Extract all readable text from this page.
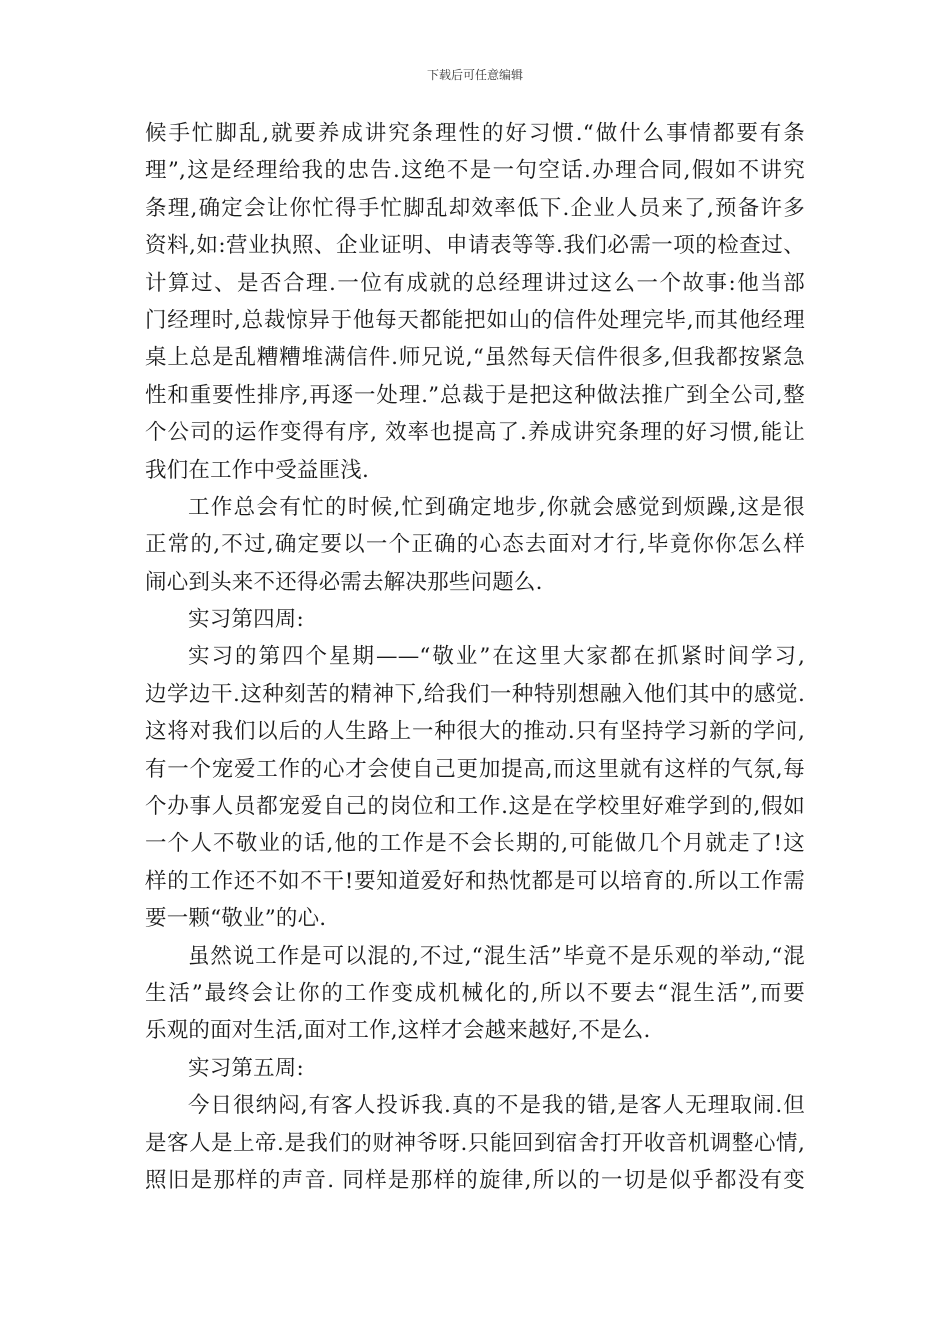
下载后可任意编辑
候手忙脚乱,就要养成讲究条理性的好习惯.“做什么事情都要有条
理”,这是经理给我的忠告.这绝不是一句空话.办理合同,假如不讲究
条理,确定会让你忙得手忙脚乱却效率低下.企业人员来了,预备许多
资料,如:营业执照、企业证明、申请表等等.我们必需一项的检查过、
计算过、是否合理.一位有成就的总经理讲过这么一个故事:他当部
门经理时,总裁惊异于他每天都能把如山的信件处理完毕,而其他经理
桌上总是乱糟糟堆满信件.师兄说,“虽然每天信件很多,但我都按紧急
性和重要性排序,再逐一处理.”总裁于是把这种做法推广到全公司,整
个公司的运作变得有序, 效率也提高了.养成讲究条理的好习惯,能让
我们在工作中受益匪浅.
工作总会有忙的时候,忙到确定地步,你就会感觉到烦躁,这是很
正常的,不过,确定要以一个正确的心态去面对才行,毕竟你你怎么样
闹心到头来不还得必需去解决那些问题么.
实习第四周:
实习的第四个星期——“敬业”在这里大家都在抓紧时间学习,
边学边干.这种刻苦的精神下,给我们一种特别想融入他们其中的感觉.
这将对我们以后的人生路上一种很大的推动.只有坚持学习新的学问,
有一个宠爱工作的心才会使自己更加提高,而这里就有这样的气氛,每
个办事人员都宠爱自己的岗位和工作.这是在学校里好难学到的,假如
一个人不敬业的话,他的工作是不会长期的,可能做几个月就走了!这
样的工作还不如不干!要知道爱好和热忱都是可以培育的.所以工作需
要一颗“敬业”的心.
虽然说工作是可以混的,不过,“混生活”毕竟不是乐观的举动,“混
生活”最终会让你的工作变成机械化的,所以不要去“混生活”,而要
乐观的面对生活,面对工作,这样才会越来越好,不是么.
实习第五周:
今日很纳闷,有客人投诉我.真的不是我的错,是客人无理取闹.但
是客人是上帝.是我们的财神爷呀.只能回到宿舍打开收音机调整心情,
照旧是那样的声音. 同样是那样的旋律,所以的一切是似乎都没有变
